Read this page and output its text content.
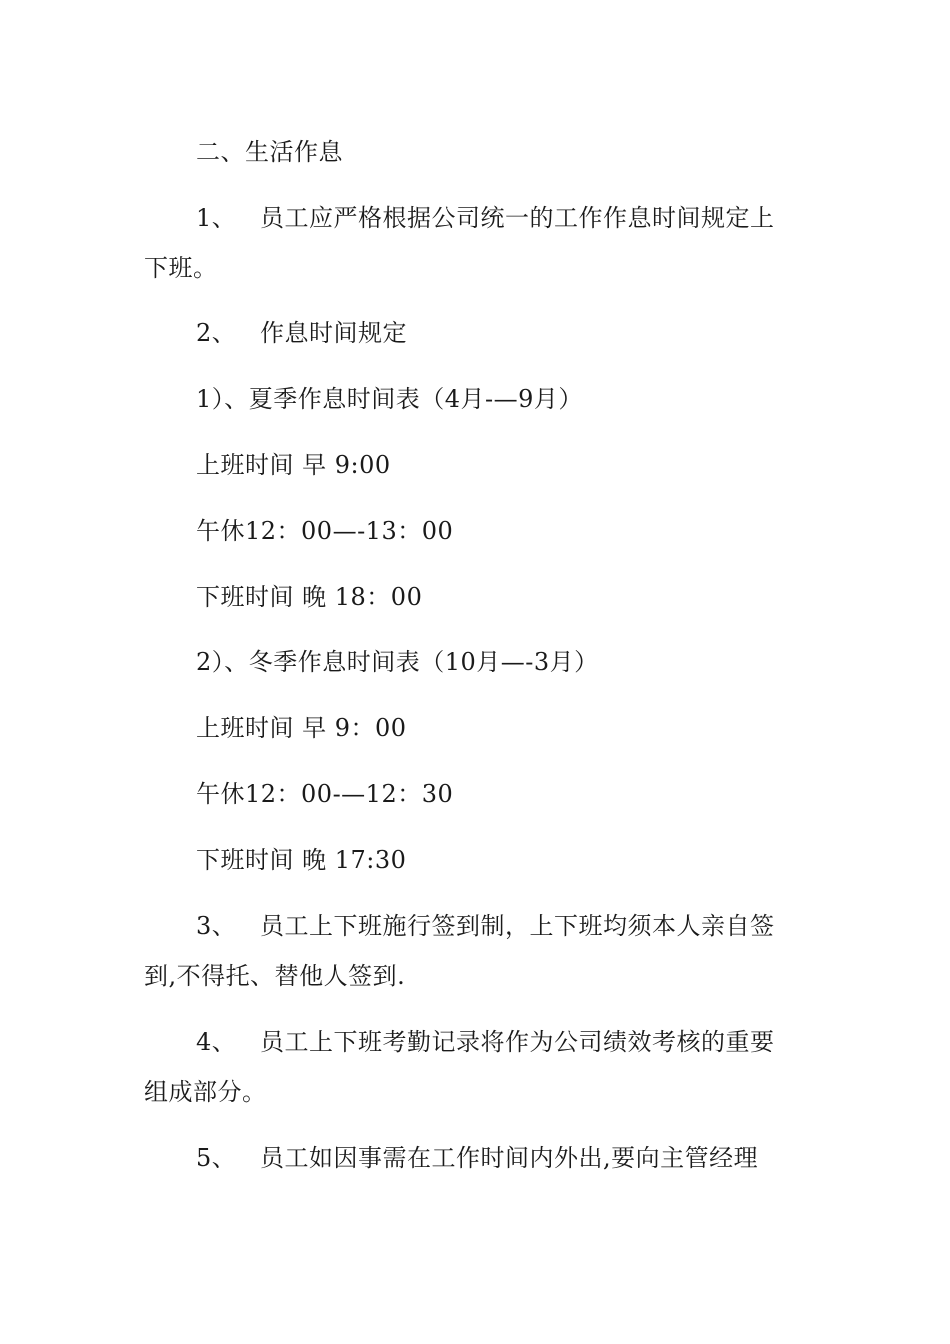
二、生活作息
1、 员工应严格根据公司统一的工作作息时间规定上
下班。
2、 作息时间规定
1）、夏季作息时间表（4月-—9月）
上班时间 早 9:00
午休12：00—-13：00
下班时间 晚 18：00
2）、冬季作息时间表（10月—-3月）
上班时间 早 9：00
午休12：00-—12：30
下班时间 晚 17:30
3、 员工上下班施行签到制，上下班均须本人亲自签
到,不得托、替他人签到.
4、 员工上下班考勤记录将作为公司绩效考核的重要
组成部分。
5、 员工如因事需在工作时间内外出,要向主管经理
